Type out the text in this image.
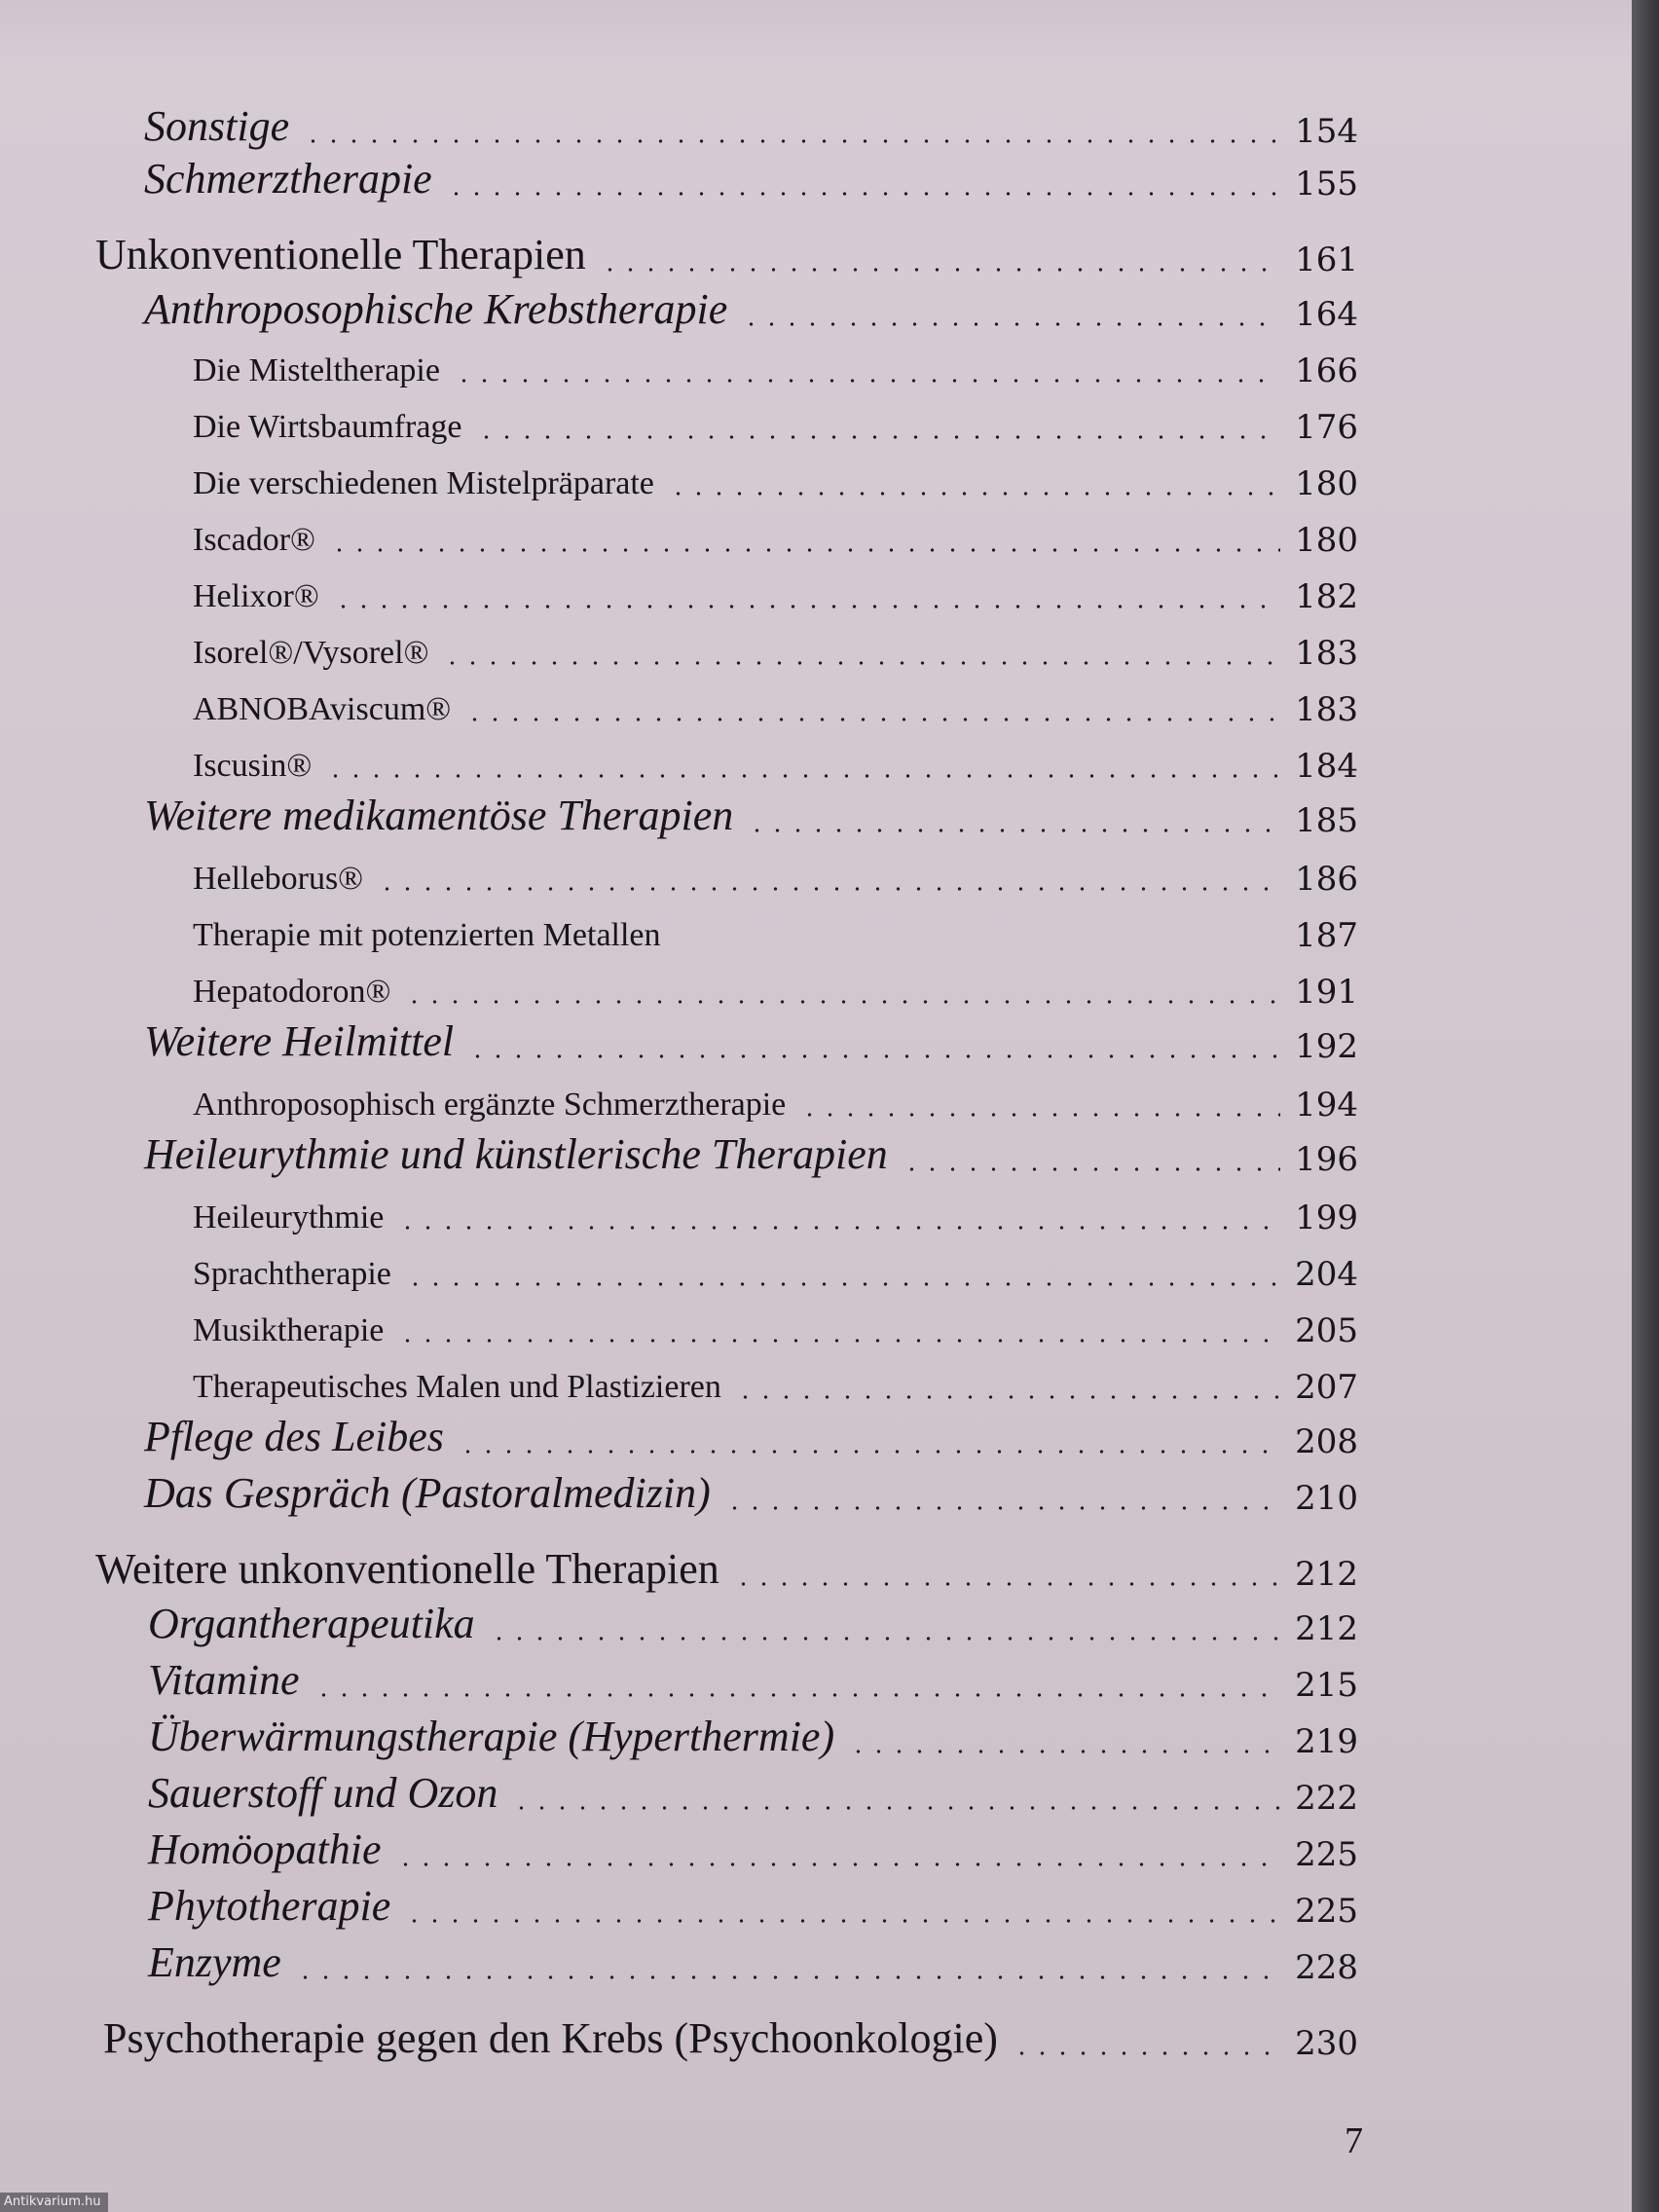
Sonstige	154
Schmerztherapie	155
Unkonventionelle Therapien	161
Anthroposophische Krebstherapie	164
Die Misteltherapie	166
Die Wirtsbaumfrage	176
Die verschiedenen Mistelpräparate	180
Iscador®	180
Helixor®	182
Isorel®/Vysorel®	183
ABNOBAviscum®	183
Iscusin®	184
Weitere medikamentöse Therapien	185
Helleborus®	186
Therapie mit potenzierten Metallen	187
Hepatodoron®	191
Weitere Heilmittel	192
Anthroposophisch ergänzte Schmerztherapie	194
Heileurythmie und künstlerische Therapien	196
Heileurythmie	199
Sprachtherapie	204
Musiktherapie	205
Therapeutisches Malen und Plastizieren	207
Pflege des Leibes	208
Das Gespräch (Pastoralmedizin)	210
Weitere unkonventionelle Therapien	212
Organtherapeutika	212
Vitamine	215
Überwärmungstherapie (Hyperthermie)	219
Sauerstoff und Ozon	222
Homöopathie	225
Phytotherapie	225
Enzyme	228
Psychotherapie gegen den Krebs (Psychoonkologie)	230
7
Antikvarium.hu
